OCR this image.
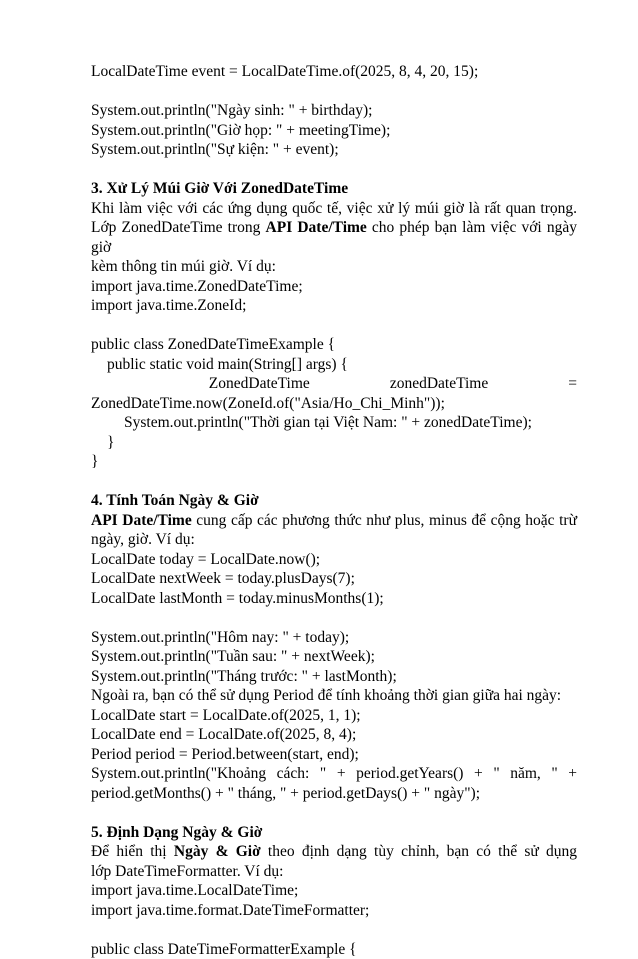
LocalDateTime event = LocalDateTime.of(2025, 8, 4, 20, 15);
System.out.println("Ngày sinh: " + birthday);
System.out.println("Giờ họp: " + meetingTime);
System.out.println("Sự kiện: " + event);
3. Xử Lý Múi Giờ Với ZonedDateTime
Khi làm việc với các ứng dụng quốc tế, việc xử lý múi giờ là rất quan trọng.
Lớp ZonedDateTime trong API Date/Time cho phép bạn làm việc với ngày giờ
kèm thông tin múi giờ. Ví dụ:
import java.time.ZonedDateTime;
import java.time.ZoneId;
public class ZonedDateTimeExample {
public static void main(String[] args) {
ZonedDateTime	zonedDateTime	=
ZonedDateTime.now(ZoneId.of("Asia/Ho_Chi_Minh"));
System.out.println("Thời gian tại Việt Nam: " + zonedDateTime);
}
}
4. Tính Toán Ngày & Giờ
API Date/Time cung cấp các phương thức như plus, minus để cộng hoặc trừ
ngày, giờ. Ví dụ:
LocalDate today = LocalDate.now();
LocalDate nextWeek = today.plusDays(7);
LocalDate lastMonth = today.minusMonths(1);
System.out.println("Hôm nay: " + today);
System.out.println("Tuần sau: " + nextWeek);
System.out.println("Tháng trước: " + lastMonth);
Ngoài ra, bạn có thể sử dụng Period để tính khoảng thời gian giữa hai ngày:
LocalDate start = LocalDate.of(2025, 1, 1);
LocalDate end = LocalDate.of(2025, 8, 4);
Period period = Period.between(start, end);
System.out.println("Khoảng cách: " + period.getYears() + " năm, " +
period.getMonths() + " tháng, " + period.getDays() + " ngày");
5. Định Dạng Ngày & Giờ
Để hiển thị Ngày & Giờ theo định dạng tùy chỉnh, bạn có thể sử dụng
lớp DateTimeFormatter. Ví dụ:
import java.time.LocalDateTime;
import java.time.format.DateTimeFormatter;
public class DateTimeFormatterExample {
